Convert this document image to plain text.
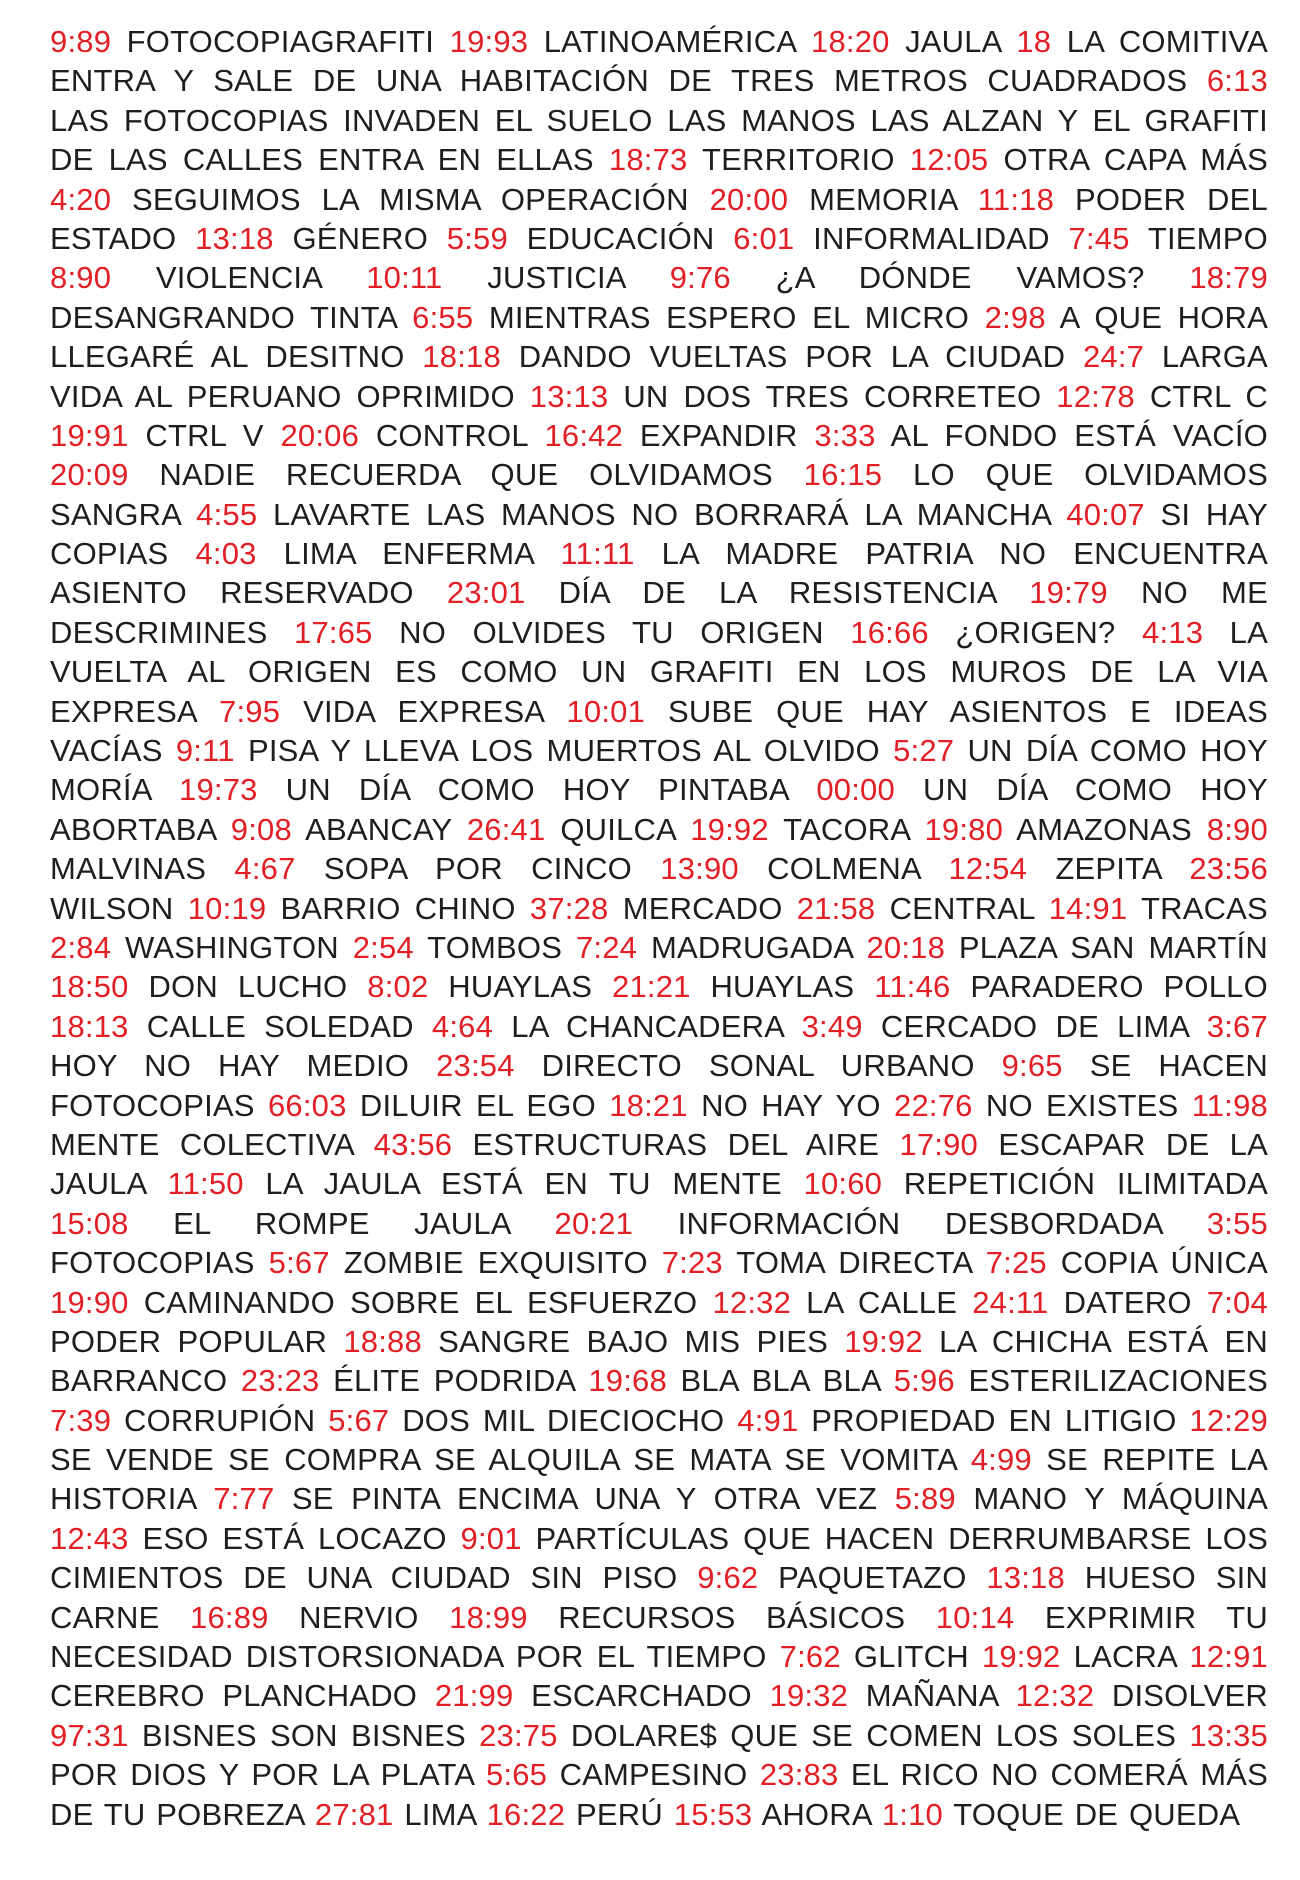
9:89 FOTOCOPIAGRAFITI 19:93 LATINOAMÉRICA 18:20 JAULA 18 LA COMITIVA
ENTRA Y SALE DE UNA HABITACIÓN DE TRES METROS CUADRADOS 6:13
LAS FOTOCOPIAS INVADEN EL SUELO LAS MANOS LAS ALZAN Y EL GRAFITI
DE LAS CALLES ENTRA EN ELLAS 18:73 TERRITORIO 12:05 OTRA CAPA MÁS
4:20 SEGUIMOS LA MISMA OPERACIÓN 20:00 MEMORIA 11:18 PODER DEL
ESTADO 13:18 GÉNERO 5:59 EDUCACIÓN 6:01 INFORMALIDAD 7:45 TIEMPO
8:90 VIOLENCIA 10:11 JUSTICIA 9:76 ¿A DÓNDE VAMOS? 18:79
DESANGRANDO TINTA 6:55 MIENTRAS ESPERO EL MICRO 2:98 A QUE HORA
LLEGARÉ AL DESITNO 18:18 DANDO VUELTAS POR LA CIUDAD 24:7 LARGA
VIDA AL PERUANO OPRIMIDO 13:13 UN DOS TRES CORRETEO 12:78 CTRL C
19:91 CTRL V 20:06 CONTROL 16:42 EXPANDIR 3:33 AL FONDO ESTÁ VACÍO
20:09 NADIE RECUERDA QUE OLVIDAMOS 16:15 LO QUE OLVIDAMOS
SANGRA 4:55 LAVARTE LAS MANOS NO BORRARÁ LA MANCHA 40:07 SI HAY
COPIAS 4:03 LIMA ENFERMA 11:11 LA MADRE PATRIA NO ENCUENTRA
ASIENTO RESERVADO 23:01 DÍA DE LA RESISTENCIA 19:79 NO ME
DESCRIMINES 17:65 NO OLVIDES TU ORIGEN 16:66 ¿ORIGEN? 4:13 LA
VUELTA AL ORIGEN ES COMO UN GRAFITI EN LOS MUROS DE LA VIA
EXPRESA 7:95 VIDA EXPRESA 10:01 SUBE QUE HAY ASIENTOS E IDEAS
VACÍAS 9:11 PISA Y LLEVA LOS MUERTOS AL OLVIDO 5:27 UN DÍA COMO HOY
MORÍA 19:73 UN DÍA COMO HOY PINTABA 00:00 UN DÍA COMO HOY
ABORTABA 9:08 ABANCAY 26:41 QUILCA 19:92 TACORA 19:80 AMAZONAS 8:90
MALVINAS 4:67 SOPA POR CINCO 13:90 COLMENA 12:54 ZEPITA 23:56
WILSON 10:19 BARRIO CHINO 37:28 MERCADO 21:58 CENTRAL 14:91 TRACAS
2:84 WASHINGTON 2:54 TOMBOS 7:24 MADRUGADA 20:18 PLAZA SAN MARTÍN
18:50 DON LUCHO 8:02 HUAYLAS 21:21 HUAYLAS 11:46 PARADERO POLLO
18:13 CALLE SOLEDAD 4:64 LA CHANCADERA 3:49 CERCADO DE LIMA 3:67
HOY NO HAY MEDIO 23:54 DIRECTO SONAL URBANO 9:65 SE HACEN
FOTOCOPIAS 66:03 DILUIR EL EGO 18:21 NO HAY YO 22:76 NO EXISTES 11:98
MENTE COLECTIVA 43:56 ESTRUCTURAS DEL AIRE 17:90 ESCAPAR DE LA
JAULA 11:50 LA JAULA ESTÁ EN TU MENTE 10:60 REPETICIÓN ILIMITADA
15:08 EL ROMPE JAULA 20:21 INFORMACIÓN DESBORDADA 3:55
FOTOCOPIAS 5:67 ZOMBIE EXQUISITO 7:23 TOMA DIRECTA 7:25 COPIA ÚNICA
19:90 CAMINANDO SOBRE EL ESFUERZO 12:32 LA CALLE 24:11 DATERO 7:04
PODER POPULAR 18:88 SANGRE BAJO MIS PIES 19:92 LA CHICHA ESTÁ EN
BARRANCO 23:23 ÉLITE PODRIDA 19:68 BLA BLA BLA 5:96 ESTERILIZACIONES
7:39 CORRUPIÓN 5:67 DOS MIL DIECIOCHO 4:91 PROPIEDAD EN LITIGIO 12:29
SE VENDE SE COMPRA SE ALQUILA SE MATA SE VOMITA 4:99 SE REPITE LA
HISTORIA 7:77 SE PINTA ENCIMA UNA Y OTRA VEZ 5:89 MANO Y MÁQUINA
12:43 ESO ESTÁ LOCAZO 9:01 PARTÍCULAS QUE HACEN DERRUMBARSE LOS
CIMIENTOS DE UNA CIUDAD SIN PISO 9:62 PAQUETAZO 13:18 HUESO SIN
CARNE 16:89 NERVIO 18:99 RECURSOS BÁSICOS 10:14 EXPRIMIR TU
NECESIDAD DISTORSIONADA POR EL TIEMPO 7:62 GLITCH 19:92 LACRA 12:91
CEREBRO PLANCHADO 21:99 ESCARCHADO 19:32 MAÑANA 12:32 DISOLVER
97:31 BISNES SON BISNES 23:75 DOLARE$ QUE SE COMEN LOS SOLES 13:35
POR DIOS Y POR LA PLATA 5:65 CAMPESINO 23:83 EL RICO NO COMERÁ MÁS
DE TU POBREZA 27:81 LIMA 16:22 PERÚ 15:53 AHORA 1:10 TOQUE DE QUEDA
